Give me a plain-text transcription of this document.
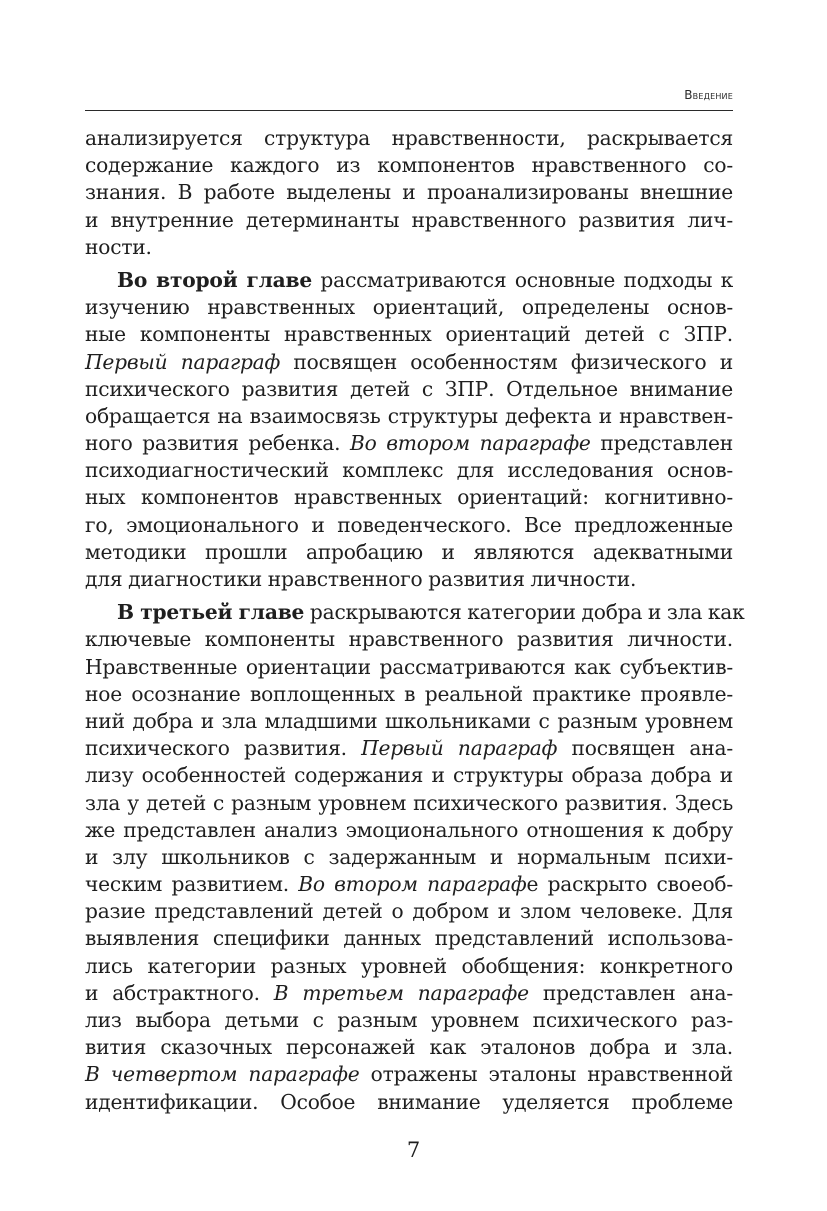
Введение
анализируется структура нравственности, раскрывается
содержание каждого из компонентов нравственного со-
знания. В работе выделены и проанализированы внешние
и внутренние детерминанты нравственного развития лич-
ности.
Во второй главе рассматриваются основные подходы к
изучению нравственных ориентаций, определены основ-
ные компоненты нравственных ориентаций детей с ЗПР.
Первый параграф посвящен особенностям физического и
психического развития детей с ЗПР. Отдельное внимание
обращается на взаимосвязь структуры дефекта и нравствен-
ного развития ребенка. Во втором параграфе представлен
психодиагностический комплекс для исследования основ-
ных компонентов нравственных ориентаций: когнитивно-
го, эмоционального и поведенческого. Все предложенные
методики прошли апробацию и являются адекватными
для диагностики нравственного развития личности.
В третьей главе раскрываются категории добра и зла как
ключевые компоненты нравственного развития личности.
Нравственные ориентации рассматриваются как субъектив-
ное осознание воплощенных в реальной практике проявле-
ний добра и зла младшими школьниками с разным уровнем
психического развития. Первый параграф посвящен ана-
лизу особенностей содержания и структуры образа добра и
зла у детей с разным уровнем психического развития. Здесь
же представлен анализ эмоционального отношения к добру
и злу школьников с задержанным и нормальным психи-
ческим развитием. Во втором параграфе раскрыто своеоб-
разие представлений детей о добром и злом человеке. Для
выявления специфики данных представлений использова-
лись категории разных уровней обобщения: конкретного
и абстрактного. В третьем параграфе представлен ана-
лиз выбора детьми с разным уровнем психического раз-
вития сказочных персонажей как эталонов добра и зла.
В четвертом параграфе отражены эталоны нравственной
идентификации. Особое внимание уделяется проблеме
7
